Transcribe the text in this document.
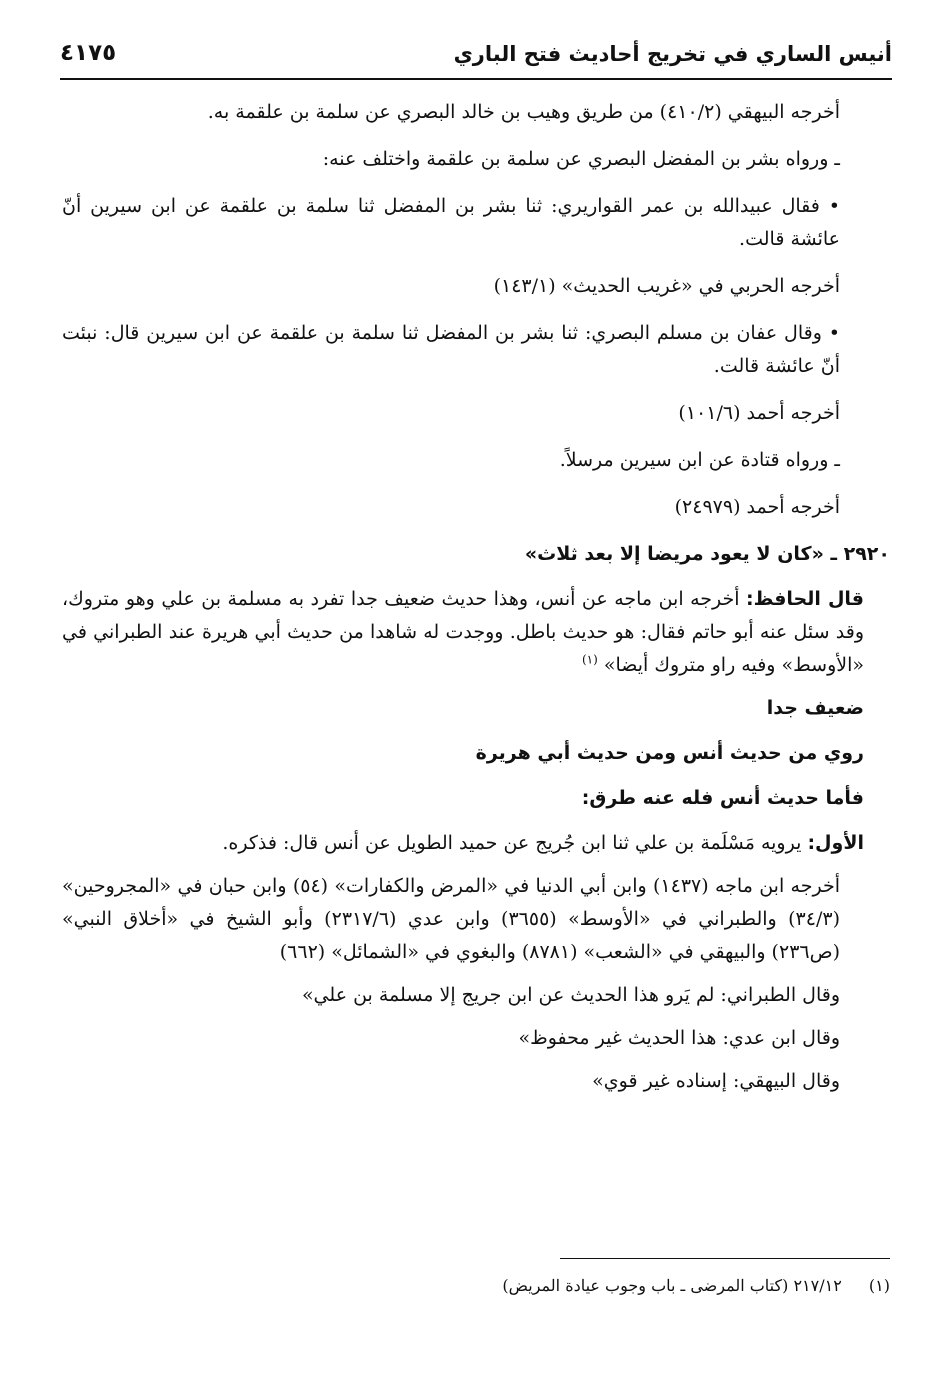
أنيس الساري في تخريج أحاديث فتح الباري
٤١٧٥

أخرجه البيهقي (٤١٠/٢) من طريق وهيب بن خالد البصري عن سلمة بن علقمة به.

ـ ورواه بشر بن المفضل البصري عن سلمة بن علقمة واختلف عنه:

• فقال عبيدالله بن عمر القواريري: ثنا بشر بن المفضل ثنا سلمة بن علقمة عن ابن سيرين أنّ عائشة قالت.

أخرجه الحربي في «غريب الحديث» (١٤٣/١)

• وقال عفان بن مسلم البصري: ثنا بشر بن المفضل ثنا سلمة بن علقمة عن ابن سيرين قال: نبئت أنّ عائشة قالت.

أخرجه أحمد (١٠١/٦)

ـ ورواه قتادة عن ابن سيرين مرسلاً.

أخرجه أحمد (٢٤٩٧٩)

٢٩٢٠ ـ «كان لا يعود مريضا إلا بعد ثلاث»

قال الحافظ: أخرجه ابن ماجه عن أنس، وهذا حديث ضعيف جدا تفرد به مسلمة بن علي وهو متروك، وقد سئل عنه أبو حاتم فقال: هو حديث باطل. ووجدت له شاهدا من حديث أبي هريرة عند الطبراني في «الأوسط» وفيه راو متروك أيضا» $^{(١)}$

ضعيف جدا

روي من حديث أنس ومن حديث أبي هريرة

فأما حديث أنس فله عنه طرق:

الأول: يرويه مَسْلَمة بن علي ثنا ابن جُريج عن حميد الطويل عن أنس قال: فذكره.

أخرجه ابن ماجه (١٤٣٧) وابن أبي الدنيا في «المرض والكفارات» (٥٤) وابن حبان في «المجروحين» (٣٤/٣) والطبراني في «الأوسط» (٣٦٥٥) وابن عدي (٢٣١٧/٦) وأبو الشيخ في «أخلاق النبي» (ص٢٣٦) والبيهقي في «الشعب» (٨٧٨١) والبغوي في «الشمائل» (٦٦٢)

وقال الطبراني: لم يَرو هذا الحديث عن ابن جريج إلا مسلمة بن علي»

وقال ابن عدي: هذا الحديث غير محفوظ»

وقال البيهقي: إسناده غير قوي»

(١) ٢١٧/١٢ (كتاب المرضى ـ باب وجوب عيادة المريض)
